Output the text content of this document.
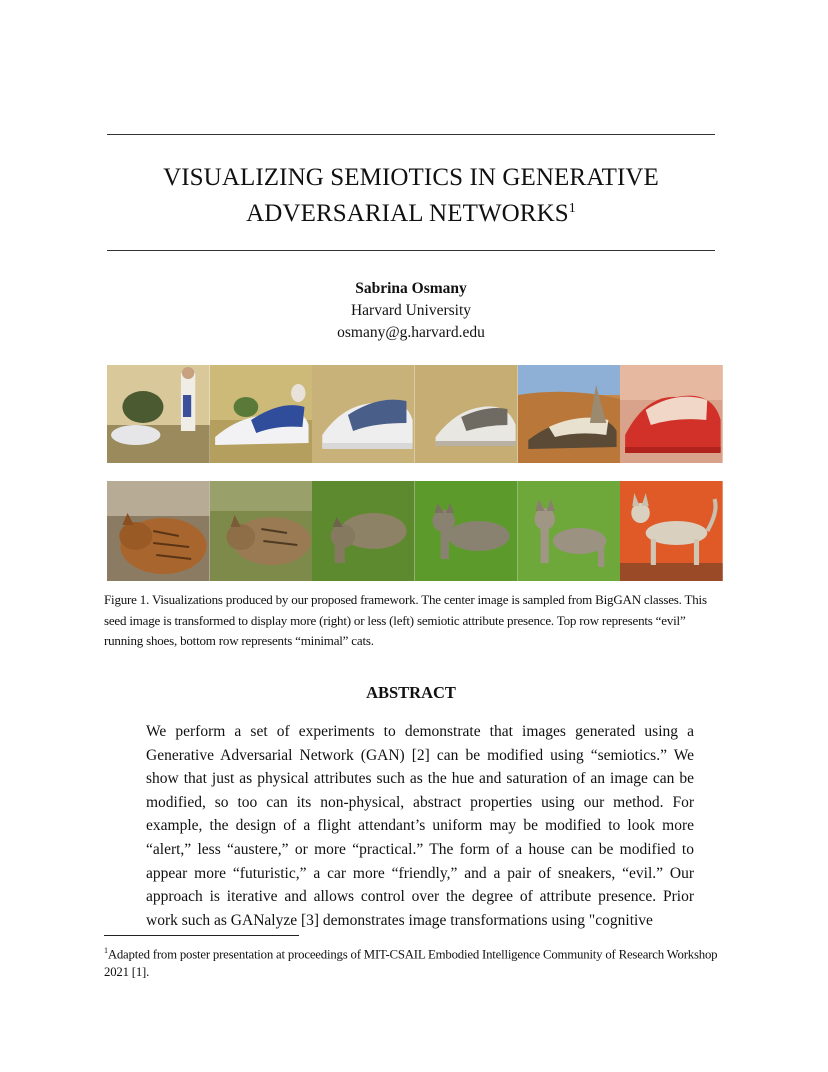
VISUALIZING SEMIOTICS IN GENERATIVE
ADVERSARIAL NETWORKS$^1$
Sabrina Osmany
Harvard University
osmany@g.harvard.edu
Figure 1. Visualizations produced by our proposed framework. The center image is sampled from BigGAN classes. This seed image is transformed to display more (right) or less (left) semiotic attribute presence. Top row represents “evil” running shoes, bottom row represents “minimal” cats.
ABSTRACT
We perform a set of experiments to demonstrate that images generated using a Generative Adversarial Network (GAN) [2] can be modified using “semiotics.” We show that just as physical attributes such as the hue and saturation of an image can be modified, so too can its non-physical, abstract properties using our method. For example, the design of a flight attendant’s uniform may be modified to look more “alert,” less “austere,” or more “practical.” The form of a house can be modified to appear more “futuristic,” a car more “friendly,” and a pair of sneakers, “evil.” Our approach is iterative and allows control over the degree of attribute presence. Prior work such as GANalyze [3] demonstrates image transformations using "cognitive
$^1$Adapted from poster presentation at proceedings of MIT-CSAIL Embodied Intelligence Community of Research Workshop 2021 [1].
